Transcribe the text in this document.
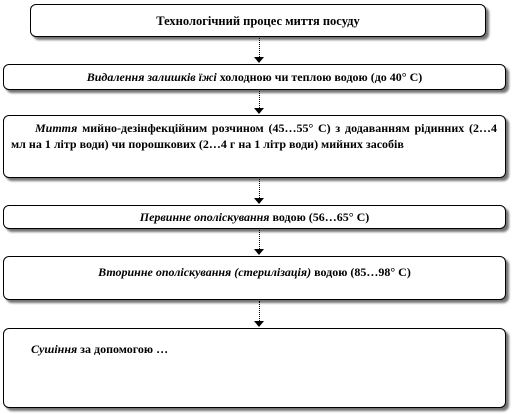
Технологічний процес миття посуду
Видалення залишків їжі холодною чи теплою водою (до 40° С)
Миття мийно-дезінфекційним розчином (45…55° С) з додаванням рідинних (2…4 мл на 1 літр води) чи порошкових (2…4 г на 1 літр води) мийних засобів
Первинне ополіскування водою (56…65° С)
Вторинне ополіскування (стерилізація) водою (85…98° С)
Сушіння за допомогою …
